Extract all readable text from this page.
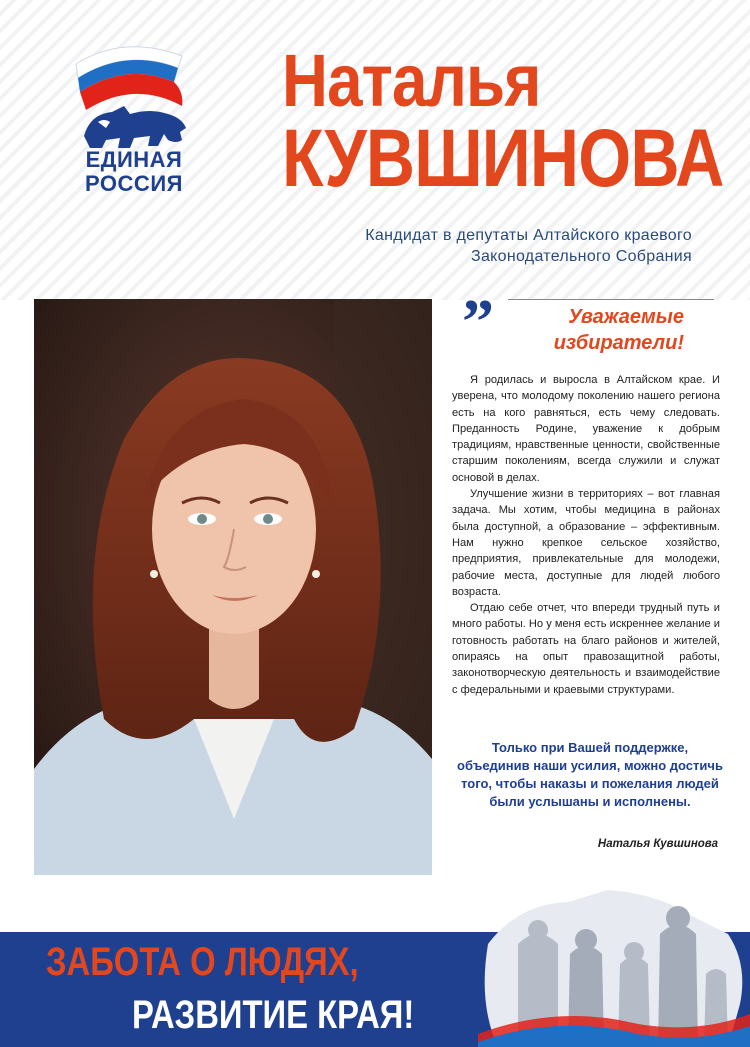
ЕДИНАЯ
РОССИЯ
Наталья
КУВШИНОВА
Кандидат в депутаты Алтайского краевого
Законодательного Собрания
”	Уважаемые
избиратели!

Я родилась и выросла в Алтайском крае. И уверена, что молодому поколению нашего региона есть на кого равняться, есть чему следовать. Преданность Родине, уважение к добрым традициям, нравственные ценности, свойственные старшим поколениям, всегда служили и служат основой в делах.

Улучшение жизни в территориях – вот главная задача. Мы хотим, чтобы медицина в районах была доступной, а образование – эффективным. Нам нужно крепкое сельское хозяйство, предприятия, привлекательные для молодежи, рабочие места, доступные для людей любого возраста.

Отдаю себе отчет, что впереди трудный путь и много работы. Но у меня есть искреннее желание и готовность работать на благо районов и жителей, опираясь на опыт правозащитной работы, законотворческую деятельность и взаимодействие с федеральными и краевыми структурами.

Только при Вашей поддержке, объединив наши усилия, можно достичь того, чтобы наказы и пожелания людей были услышаны и исполнены.
Наталья Кувшинова
ЗАБОТА О ЛЮДЯХ,
РАЗВИТИЕ КРАЯ!
